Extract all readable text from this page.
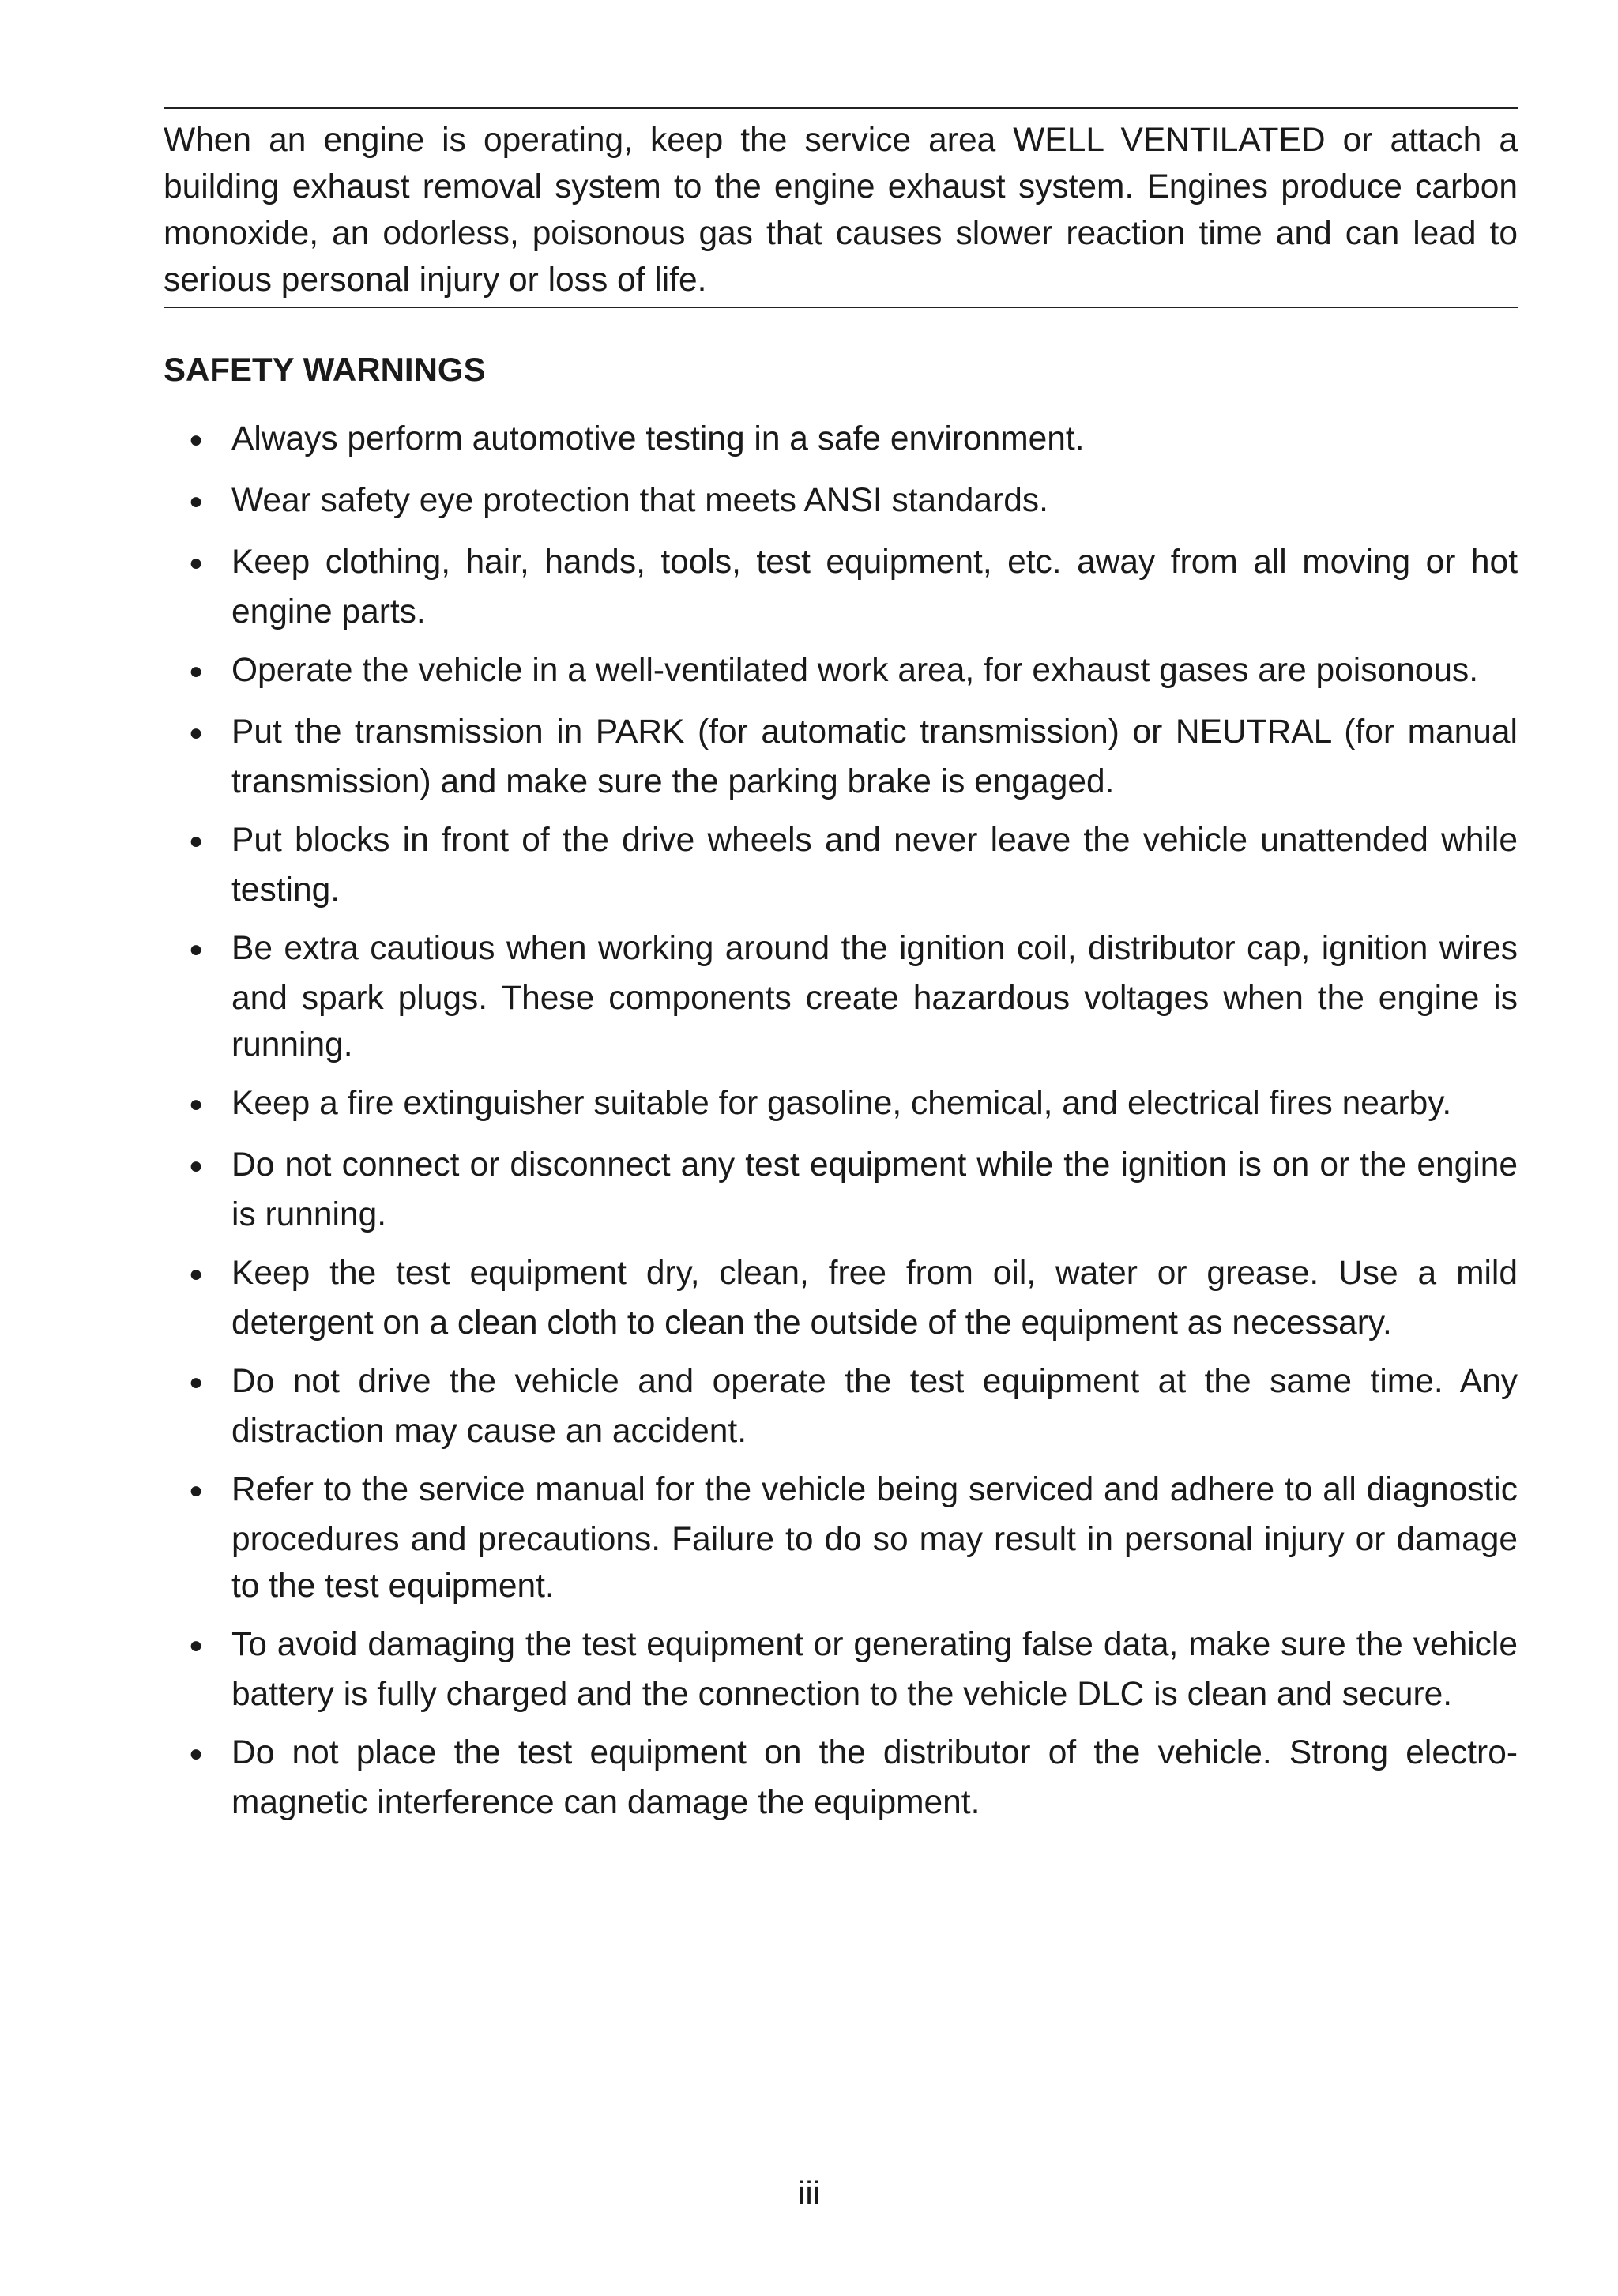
When an engine is operating, keep the service area WELL VENTILATED or attach a building exhaust removal system to the engine exhaust system. Engines produce carbon monoxide, an odorless, poisonous gas that causes slower reaction time and can lead to serious personal injury or loss of life.

SAFETY WARNINGS
● Always perform automotive testing in a safe environment.
● Wear safety eye protection that meets ANSI standards.
● Keep clothing, hair, hands, tools, test equipment, etc. away from all moving or hot engine parts.
● Operate the vehicle in a well-ventilated work area, for exhaust gases are poisonous.
● Put the transmission in PARK (for automatic transmission) or NEUTRAL (for manual transmission) and make sure the parking brake is engaged.
● Put blocks in front of the drive wheels and never leave the vehicle unattended while testing.
● Be extra cautious when working around the ignition coil, distributor cap, ignition wires and spark plugs. These components create hazardous voltages when the engine is running.
● Keep a fire extinguisher suitable for gasoline, chemical, and electrical fires nearby.
● Do not connect or disconnect any test equipment while the ignition is on or the engine is running.
● Keep the test equipment dry, clean, free from oil, water or grease. Use a mild detergent on a clean cloth to clean the outside of the equipment as necessary.
● Do not drive the vehicle and operate the test equipment at the same time. Any distraction may cause an accident.
● Refer to the service manual for the vehicle being serviced and adhere to all diagnostic procedures and precautions. Failure to do so may result in personal injury or damage to the test equipment.
● To avoid damaging the test equipment or generating false data, make sure the vehicle battery is fully charged and the connection to the vehicle DLC is clean and secure.
● Do not place the test equipment on the distributor of the vehicle. Strong electro-magnetic interference can damage the equipment.
iii
